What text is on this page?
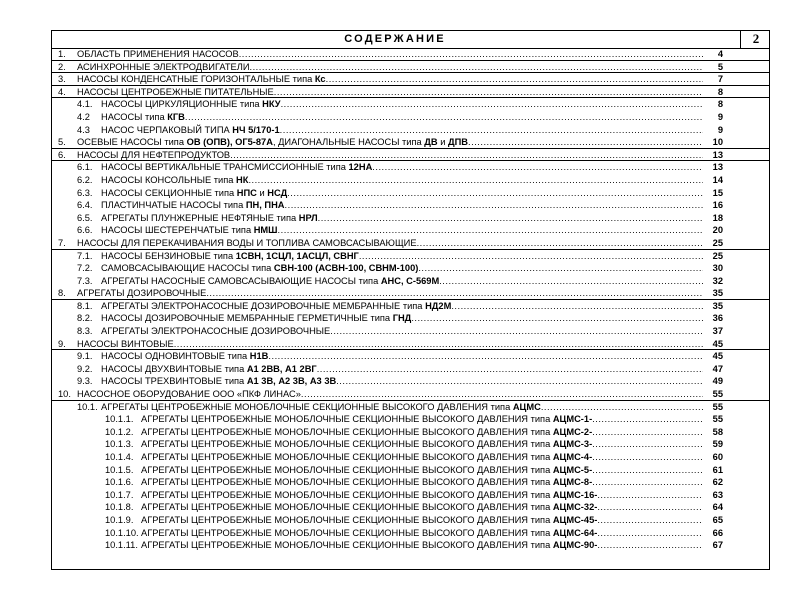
СОДЕРЖАНИЕ	2
1. ОБЛАСТЬ ПРИМЕНЕНИЯ НАСОСОВ .....	4
2. АСИНХРОННЫЕ ЭЛЕКТРОДВИГАТЕЛИ .....	5
3. НАСОСЫ КОНДЕНСАТНЫЕ ГОРИЗОНТАЛЬНЫЕ типа Кс .....	7
4. НАСОСЫ ЦЕНТРОБЕЖНЫЕ ПИТАТЕЛЬНЫЕ .....	8
4.1. НАСОСЫ ЦИРКУЛЯЦИОННЫЕ типа НКУ .....	8
4.2 НАСОСЫ типа КГВ .....	9
4.3 НАСОС ЧЕРПАКОВЫЙ ТИПА НЧ 5/170-1 .....	9
5. ОСЕВЫЕ НАСОСЫ типа ОВ (ОПВ), ОГ5-87А, ДИАГОНАЛЬНЫЕ НАСОСЫ типа ДВ и ДПВ .....	10
6. НАСОСЫ ДЛЯ НЕФТЕПРОДУКТОВ .....	13
6.1. НАСОСЫ ВЕРТИКАЛЬНЫЕ ТРАНСМИССИОННЫЕ типа 12НА .....	13
6.2. НАСОСЫ КОНСОЛЬНЫЕ типа НК .....	14
6.3. НАСОСЫ СЕКЦИОННЫЕ типа НПС и НСД .....	15
6.4. ПЛАСТИНЧАТЫЕ НАСОСЫ типа ПН, ПНА .....	16
6.5. АГРЕГАТЫ ПЛУНЖЕРНЫЕ НЕФТЯНЫЕ типа НРЛ .....	18
6.6. НАСОСЫ ШЕСТЕРЕНЧАТЫЕ типа НМШ .....	20
7. НАСОСЫ ДЛЯ ПЕРЕКАЧИВАНИЯ ВОДЫ И ТОПЛИВА САМОВСАСЫВАЮЩИЕ .....	25
7.1. НАСОСЫ БЕНЗИНОВЫЕ типа 1СВН, 1СЦЛ, 1АСЦЛ, СВНГ .....	25
7.2. САМОВСАСЫВАЮЩИЕ НАСОСЫ типа СВН-100 (АСВН-100, СВНМ-100) .....	30
7.3. АГРЕГАТЫ НАСОСНЫЕ САМОВСАСЫВАЮЩИЕ НАСОСЫ типа АНС, С-569М .....	32
8. АГРЕГАТЫ ДОЗИРОВОЧНЫЕ .....	35
8.1. АГРЕГАТЫ ЭЛЕКТРОНАСОСНЫЕ ДОЗИРОВОЧНЫЕ МЕМБРАННЫЕ типа НД2М .....	35
8.2. НАСОСЫ ДОЗИРОВОЧНЫЕ МЕМБРАННЫЕ ГЕРМЕТИЧНЫЕ типа ГНД .....	36
8.3. АГРЕГАТЫ ЭЛЕКТРОНАСОСНЫЕ ДОЗИРОВОЧНЫЕ .....	37
9. НАСОСЫ ВИНТОВЫЕ .....	45
9.1. НАСОСЫ ОДНОВИНТОВЫЕ типа Н1В .....	45
9.2. НАСОСЫ ДВУХВИНТОВЫЕ типа А1 2ВВ, А1 2ВГ .....	47
9.3. НАСОСЫ ТРЕХВИНТОВЫЕ типа А1 3В, А2 3В, А3 3В .....	49
10. НАСОСНОЕ ОБОРУДОВАНИЕ ООО «ПКФ ЛИНАС» .....	55
10.1. АГРЕГАТЫ ЦЕНТРОБЕЖНЫЕ МОНОБЛОЧНЫЕ СЕКЦИОННЫЕ ВЫСОКОГО ДАВЛЕНИЯ типа АЦМС .....	55
10.1.1. АГРЕГАТЫ ЦЕНТРОБЕЖНЫЕ МОНОБЛОЧНЫЕ СЕКЦИОННЫЕ ВЫСОКОГО ДАВЛЕНИЯ типа АЦМС-1- .....	55
10.1.2. АГРЕГАТЫ ЦЕНТРОБЕЖНЫЕ МОНОБЛОЧНЫЕ СЕКЦИОННЫЕ ВЫСОКОГО ДАВЛЕНИЯ типа АЦМС-2- .....	58
10.1.3. АГРЕГАТЫ ЦЕНТРОБЕЖНЫЕ МОНОБЛОЧНЫЕ СЕКЦИОННЫЕ ВЫСОКОГО ДАВЛЕНИЯ типа АЦМС-3- .....	59
10.1.4. АГРЕГАТЫ ЦЕНТРОБЕЖНЫЕ МОНОБЛОЧНЫЕ СЕКЦИОННЫЕ ВЫСОКОГО ДАВЛЕНИЯ типа АЦМС-4- .....	60
10.1.5. АГРЕГАТЫ ЦЕНТРОБЕЖНЫЕ МОНОБЛОЧНЫЕ СЕКЦИОННЫЕ ВЫСОКОГО ДАВЛЕНИЯ типа АЦМС-5- .....	61
10.1.6. АГРЕГАТЫ ЦЕНТРОБЕЖНЫЕ МОНОБЛОЧНЫЕ СЕКЦИОННЫЕ ВЫСОКОГО ДАВЛЕНИЯ типа АЦМС-8- .....	62
10.1.7. АГРЕГАТЫ ЦЕНТРОБЕЖНЫЕ МОНОБЛОЧНЫЕ СЕКЦИОННЫЕ ВЫСОКОГО ДАВЛЕНИЯ типа АЦМС-16- .....	63
10.1.8. АГРЕГАТЫ ЦЕНТРОБЕЖНЫЕ МОНОБЛОЧНЫЕ СЕКЦИОННЫЕ ВЫСОКОГО ДАВЛЕНИЯ типа АЦМС-32- .....	64
10.1.9. АГРЕГАТЫ ЦЕНТРОБЕЖНЫЕ МОНОБЛОЧНЫЕ СЕКЦИОННЫЕ ВЫСОКОГО ДАВЛЕНИЯ типа АЦМС-45- .....	65
10.1.10. АГРЕГАТЫ ЦЕНТРОБЕЖНЫЕ МОНОБЛОЧНЫЕ СЕКЦИОННЫЕ ВЫСОКОГО ДАВЛЕНИЯ типа АЦМС-64- .....	66
10.1.11. АГРЕГАТЫ ЦЕНТРОБЕЖНЫЕ МОНОБЛОЧНЫЕ СЕКЦИОННЫЕ ВЫСОКОГО ДАВЛЕНИЯ типа АЦМС-90- .....	67
